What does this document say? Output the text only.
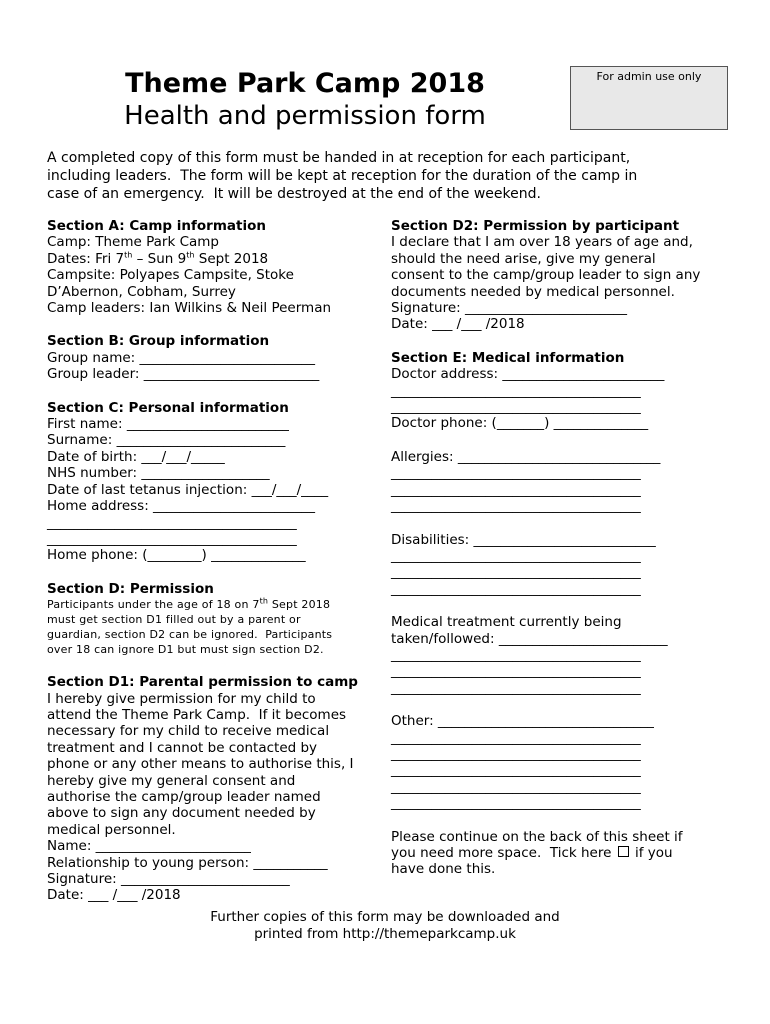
Theme Park Camp 2018
Health and permission form
For admin use only
A completed copy of this form must be handed in at reception for each participant,
including leaders.  The form will be kept at reception for the duration of the camp in
case of an emergency.  It will be destroyed at the end of the weekend.
Section A: Camp information
Camp: Theme Park Camp
Dates: Fri 7th – Sun 9th Sept 2018
Campsite: Polyapes Campsite, Stoke
D’Abernon, Cobham, Surrey
Camp leaders: Ian Wilkins & Neil Peerman
Section B: Group information
Group name: __________________________
Group leader: __________________________
Section C: Personal information
First name: ________________________
Surname: _________________________
Date of birth: ___/___/_____
NHS number: ___________________
Date of last tetanus injection: ___/___/____
Home address: ________________________
_____________________________________
_____________________________________
Home phone: (________) ______________
Section D: Permission
Participants under the age of 18 on 7th Sept 2018
must get section D1 filled out by a parent or
guardian, section D2 can be ignored.  Participants
over 18 can ignore D1 but must sign section D2.
Section D1: Parental permission to camp
I hereby give permission for my child to
attend the Theme Park Camp.  If it becomes
necessary for my child to receive medical
treatment and I cannot be contacted by
phone or any other means to authorise this, I
hereby give my general consent and
authorise the camp/group leader named
above to sign any document needed by
medical personnel.
Name: _______________________
Relationship to young person: ___________
Signature: _________________________
Date: ___ /___ /2018
Section D2: Permission by participant
I declare that I am over 18 years of age and,
should the need arise, give my general
consent to the camp/group leader to sign any
documents needed by medical personnel.
Signature: ________________________
Date: ___ /___ /2018
Section E: Medical information
Doctor address: ________________________
_____________________________________
_____________________________________
Doctor phone: (_______) ______________
Allergies: ______________________________
_____________________________________
_____________________________________
_____________________________________
Disabilities: ___________________________
_____________________________________
_____________________________________
_____________________________________
Medical treatment currently being
taken/followed: _________________________
_____________________________________
_____________________________________
_____________________________________
Other: ________________________________
_____________________________________
_____________________________________
_____________________________________
_____________________________________
_____________________________________
Please continue on the back of this sheet if
you need more space.  Tick here  if you
have done this.
Further copies of this form may be downloaded and
printed from http://themeparkcamp.uk
